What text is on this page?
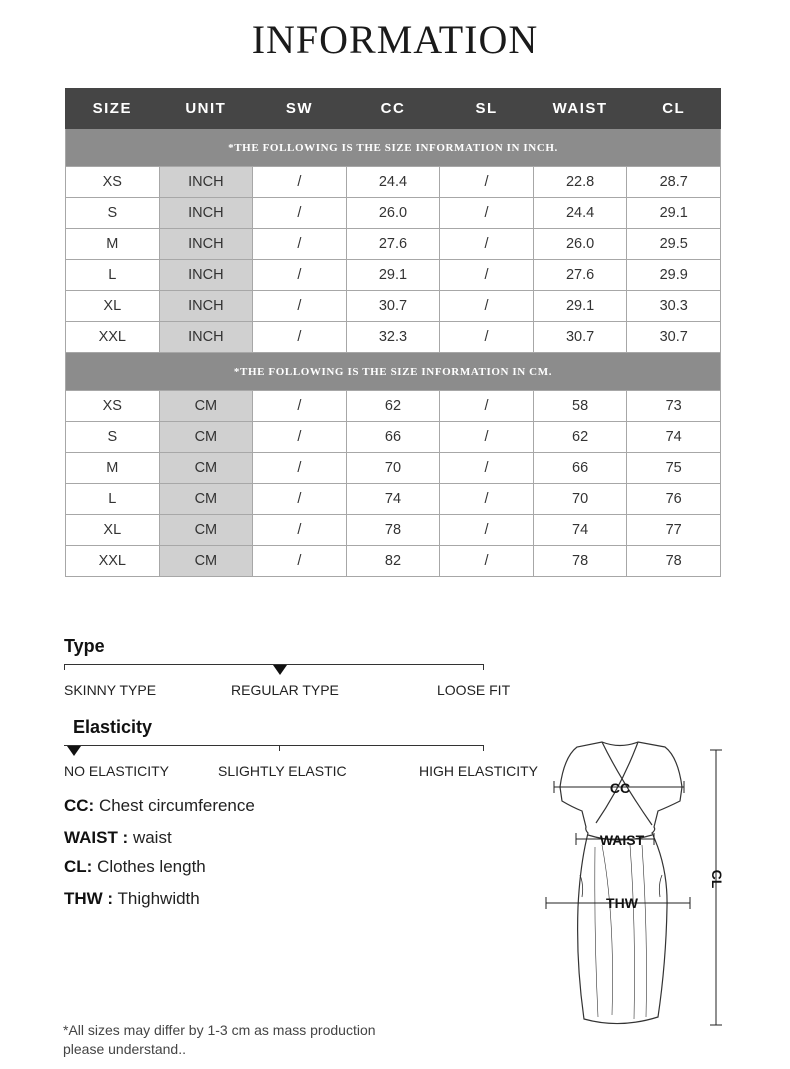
INFORMATION
SIZE	UNIT	SW	CC	SL	WAIST	CL
*THE FOLLOWING IS THE SIZE INFORMATION IN INCH.						
XS	INCH	/	24.4	/	22.8	28.7
S	INCH	/	26.0	/	24.4	29.1
M	INCH	/	27.6	/	26.0	29.5
L	INCH	/	29.1	/	27.6	29.9
XL	INCH	/	30.7	/	29.1	30.3
XXL	INCH	/	32.3	/	30.7	30.7
*THE FOLLOWING IS THE SIZE INFORMATION IN CM.						
XS	CM	/	62	/	58	73
S	CM	/	66	/	62	74
M	CM	/	70	/	66	75
L	CM	/	74	/	70	76
XL	CM	/	78	/	74	77
XXL	CM	/	82	/	78	78
Type
SKINNY TYPE	REGULAR TYPE	LOOSE FIT
Elasticity
NO ELASTICITY	SLIGHTLY ELASTIC	HIGH ELASTICITY
CC: Chest circumference
WAIST : waist
CL: Clothes length
THW : Thighwidth
CC
WAIST
THW
CL
*All sizes may differ by 1-3 cm as mass production
please understand..
